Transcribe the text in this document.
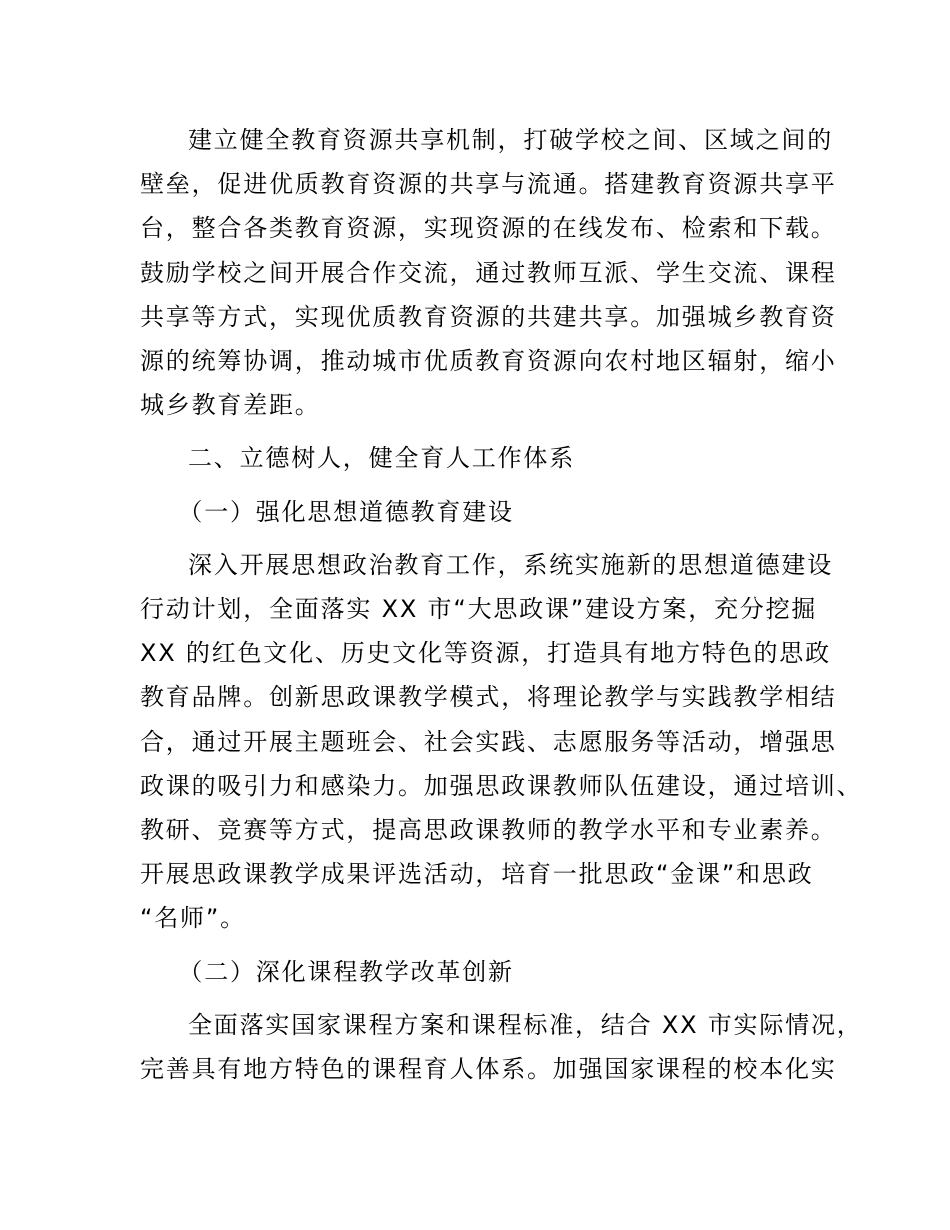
建立健全教育资源共享机制，打破学校之间、区域之间的
壁垒，促进优质教育资源的共享与流通。搭建教育资源共享平
台，整合各类教育资源，实现资源的在线发布、检索和下载。
鼓励学校之间开展合作交流，通过教师互派、学生交流、课程
共享等方式，实现优质教育资源的共建共享。加强城乡教育资
源的统筹协调，推动城市优质教育资源向农村地区辐射，缩小
城乡教育差距。
二、立德树人，健全育人工作体系
（一）强化思想道德教育建设
深入开展思想政治教育工作，系统实施新的思想道德建设
行动计划，全面落实 XX 市“大思政课”建设方案，充分挖掘
XX 的红色文化、历史文化等资源，打造具有地方特色的思政
教育品牌。创新思政课教学模式，将理论教学与实践教学相结
合，通过开展主题班会、社会实践、志愿服务等活动，增强思
政课的吸引力和感染力。加强思政课教师队伍建设，通过培训、
教研、竞赛等方式，提高思政课教师的教学水平和专业素养。
开展思政课教学成果评选活动，培育一批思政“金课”和思政
“名师”。
（二）深化课程教学改革创新
全面落实国家课程方案和课程标准，结合 XX 市实际情况，
完善具有地方特色的课程育人体系。加强国家课程的校本化实
